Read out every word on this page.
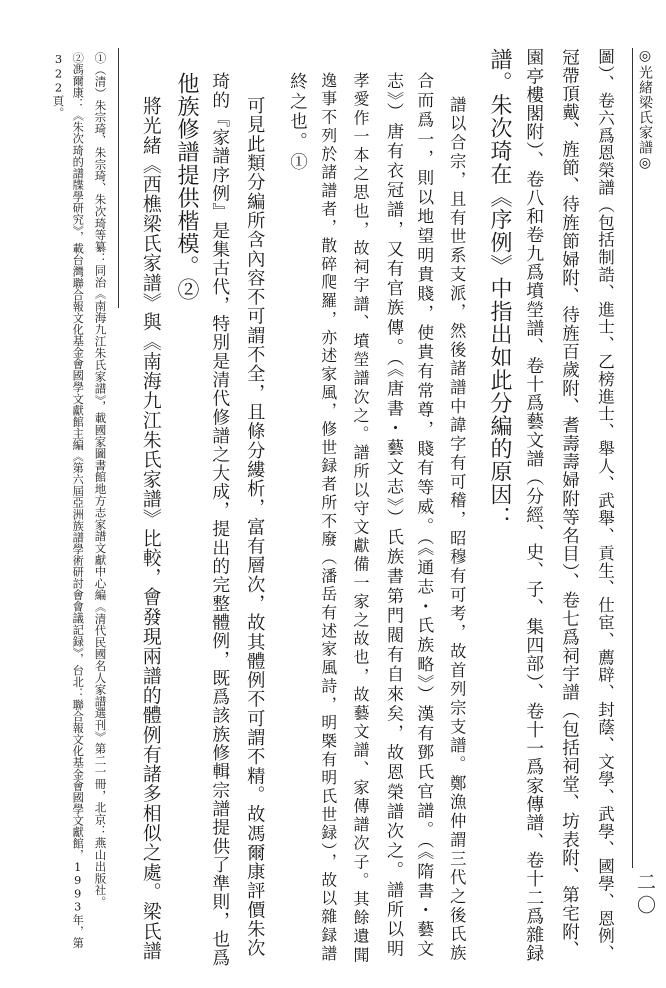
◎光緒梁氏家譜◎
二〇
圖）、卷六爲恩榮譜（包括制誥、進士、乙榜進士、舉人、武舉、貢生、仕宦、薦辟、封蔭、文學、武學、國學、恩例、
冠帶頂戴、旌節、待旌節婦附、待旌百歲附、耆壽壽婦附等名目）、卷七爲祠宇譜（包括祠堂、坊表附、第宅附、
園亭樓閣附）、卷八和卷九爲墳塋譜、卷十爲藝文譜（分經、史、子、集四部）、卷十一爲家傳譜、卷十二爲雜録
譜。朱次琦在《序例》中指出如此分編的原因：
譜以合宗，且有世系支派，然後諸譜中諱字有可稽，昭穆有可考，故首列宗支譜。鄭漁仲謂三代之後氏族
合而爲一，則以地望明貴賤，使貴有常尊，賤有等威。（《通志・氏族略》）漢有鄧氏官譜。（《隋書・藝文
志》）唐有衣冠譜，又有官族傳。（《唐書・藝文志》）氏族書第門閥有自來矣，故恩榮譜次之。譜所以明
孝愛作一本之思也，故祠宇譜、墳塋譜次之。譜所以守文獻備一家之故也，故藝文譜、家傳譜次子。其餘遺聞
逸事不列於諸譜者，散碎爬羅，亦述家風，修世録者所不廢（潘岳有述家風詩，明槩有明氏世録），故以雜録譜
終之也。①
可見此類分編所含內容不可謂不全，且條分縷析，富有層次，故其體例不可謂不精。故馮爾康評價朱次
琦的『家譜序例』是集古代，特別是清代修譜之大成，提出的完整體例，既爲該族修輯宗譜提供了準則，也爲
他族修譜提供楷模。②
將光緒《西樵梁氏家譜》與《南海九江朱氏家譜》比較，會發現兩譜的體例有諸多相似之處。梁氏譜
①（清）朱宗琦、朱宗琦、朱次琦等纂：同治《南海九江朱氏家譜》，載國家圖書館地方志家譜文獻中心編《清代民國名人家譜選刊》第二一冊，北京：燕山出版社。
②馮爾康：《朱次琦的譜牒學研究》，載台灣聯合報文化基金會國學文獻館主編《第六屆亞洲族譜學術研討會會議記録》，台北：聯合報文化基金會國學文獻館，1993年，第
322頁。
